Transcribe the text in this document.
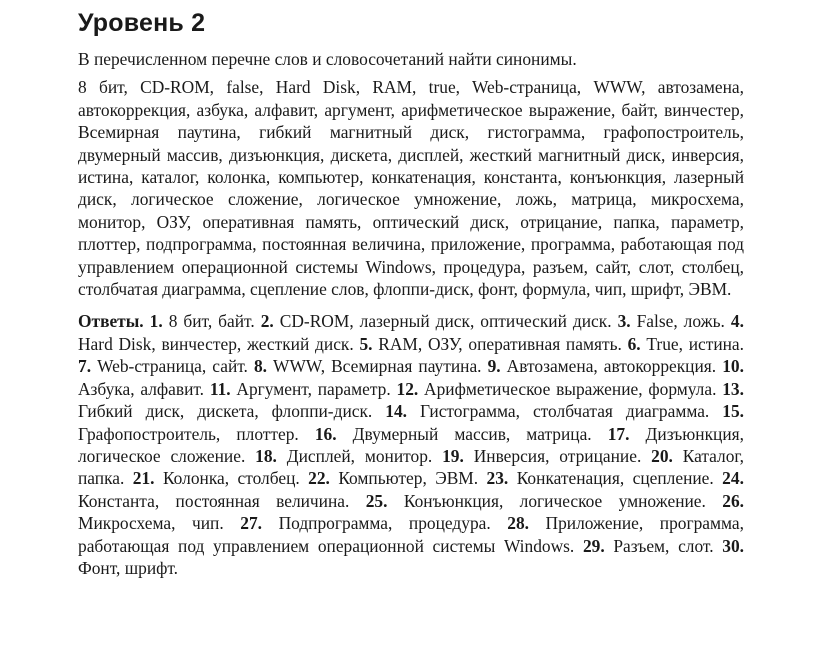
Уровень 2

В перечисленном перечне слов и словосочетаний найти синонимы.

8 бит, CD-ROM, false, Hard Disk, RAM, true, Web-страница, WWW, автозамена, автокоррекция, азбука, алфавит, аргумент, арифметическое выражение, байт, винчестер, Всемирная паутина, гибкий магнитный диск, гистограмма, графопостроитель, двумерный массив, дизъюнкция, дискета, дисплей, жесткий магнитный диск, инверсия, истина, каталог, колонка, компьютер, конкатенация, константа, конъюнкция, лазерный диск, логическое сложение, логическое умножение, ложь, матрица, микросхема, монитор, ОЗУ, оперативная память, оптический диск, отрицание, папка, параметр, плоттер, подпрограмма, постоянная величина, приложение, программа, работающая под управлением операционной системы Windows, процедура, разъем, сайт, слот, столбец, столбчатая диаграмма, сцепление слов, флоппи-диск, фонт, формула, чип, шрифт, ЭВМ.

Ответы. 1. 8 бит, байт. 2. CD-ROM, лазерный диск, оптический диск. 3. False, ложь. 4. Hard Disk, винчестер, жесткий диск. 5. RAM, ОЗУ, оперативная память. 6. True, истина. 7. Web-страница, сайт. 8. WWW, Всемирная паутина. 9. Автозамена, автокоррекция. 10. Азбука, алфавит. 11. Аргумент, параметр. 12. Арифметическое выражение, формула. 13. Гибкий диск, дискета, флоппи-диск. 14. Гистограмма, столбчатая диаграмма. 15. Графопостроитель, плоттер. 16. Двумерный массив, матрица. 17. Дизъюнкция, логическое сложение. 18. Дисплей, монитор. 19. Инверсия, отрицание. 20. Каталог, папка. 21. Колонка, столбец. 22. Компьютер, ЭВМ. 23. Конкатенация, сцепление. 24. Константа, постоянная величина. 25. Конъюнкция, логическое умножение. 26. Микросхема, чип. 27. Подпрограмма, процедура. 28. Приложение, программа, работающая под управлением операционной системы Windows. 29. Разъем, слот. 30. Фонт, шрифт.
